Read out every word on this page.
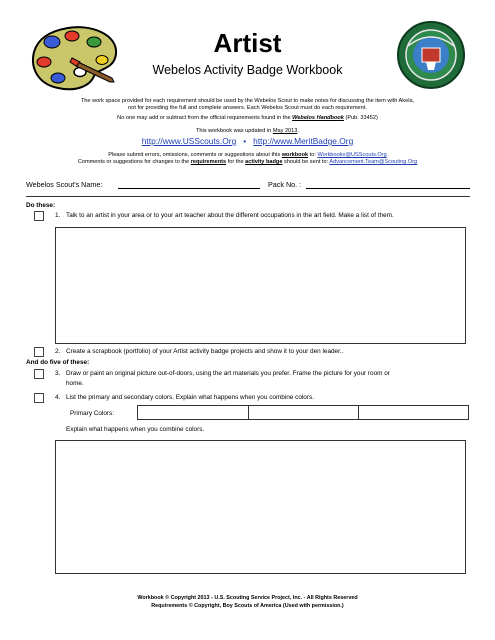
Artist
Webelos Activity Badge Workbook
The work space provided for each requirement should be used by the Webelos Scout to make notes for discussing the item with Akela,
not for providing the full and complete answers. Each Webelos Scout must do each requirement.
No one may add or subtract from the official requirements found in the Webelos Handbook (Pub. 33452)
This workbook was updated in May 2013.
http://www.USScouts.Org • http://www.MeritBadge.Org
Please submit errors, omissions, comments or suggestions about this workbook to: Workbooks@USScouts.Org
Comments or suggestions for changes to the requirements for the activity badge should be sent to: Advancement.Team@Scouting.Org
Webelos Scout's Name:	Pack No. :
Do these:
1. Talk to an artist in your area or to your art teacher about the different occupations in the art field. Make a list of them.
2. Create a scrapbook (portfolio) of your Artist activity badge projects and show it to your den leader..
And do five of these:
3. Draw or paint an original picture out-of-doors, using the art materials you prefer. Frame the picture for your room or
home.
4. List the primary and secondary colors. Explain what happens when you combine colors.
Primary Colors:
Explain what happens when you combine colors.
Workbook © Copyright 2013 - U.S. Scouting Service Project, Inc. - All Rights Reserved
Requirements © Copyright, Boy Scouts of America (Used with permission.)
